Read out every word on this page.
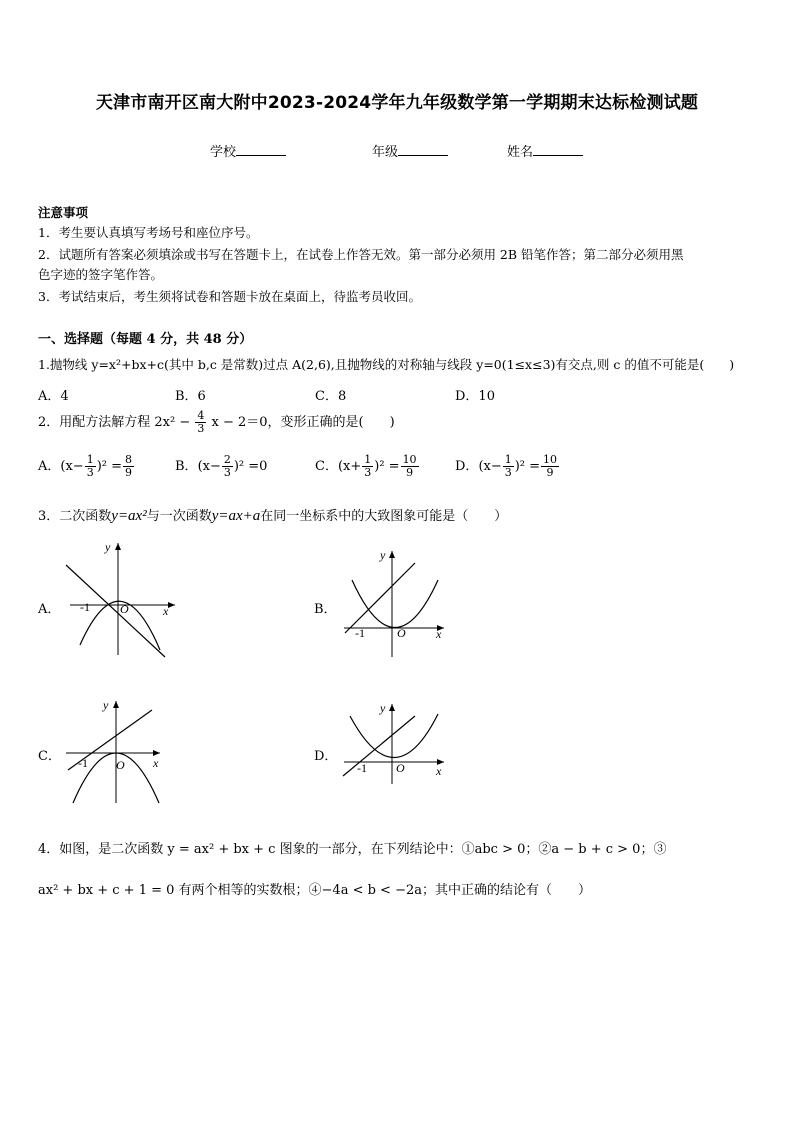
天津市南开区南大附中2023-2024学年九年级数学第一学期期末达标检测试题
学校	年级	姓名
注意事项
1．考生要认真填写考场号和座位序号。
2．试题所有答案必须填涂或书写在答题卡上，在试卷上作答无效。第一部分必须用 2B 铅笔作答；第二部分必须用黑
色字迹的签字笔作答。
3．考试结束后，考生须将试卷和答题卡放在桌面上，待监考员收回。
一、选择题（每题 4 分，共 48 分）
1.抛物线 y=x²+bx+c(其中 b,c 是常数)过点 A(2,6),且抛物线的对称轴与线段 y=0(1≤x≤3)有交点,则 c 的值不可能是(　　)
A．4	B．6	C．8	D．10
2．用配方法解方程 $2x^2 - \frac{4}{3}$ x − 2＝0，变形正确的是(　　)
A．$(x- \frac{1}{3} )^2 = \frac{8}{9}$	B．$(x- \frac{2}{3} )^2 =0$	C．$(x+ \frac{1}{3} )^2 = \frac{10}{9}$	D．$(x- \frac{1}{3} )^2 = \frac{10}{9}$
3．二次函数y=ax²与一次函数y=ax+a在同一坐标系中的大致图象可能是（　　）
A．	B．
C．	D．
y
x
O
-1
y
x
O
-1
y
x
O
-1
y
x
O
-1
4．如图，是二次函数 y = ax² + bx + c 图象的一部分，在下列结论中：①abc > 0；②a − b + c > 0；③
ax² + bx + c + 1 = 0 有两个相等的实数根；④−4a < b < −2a；其中正确的结论有（　　）
